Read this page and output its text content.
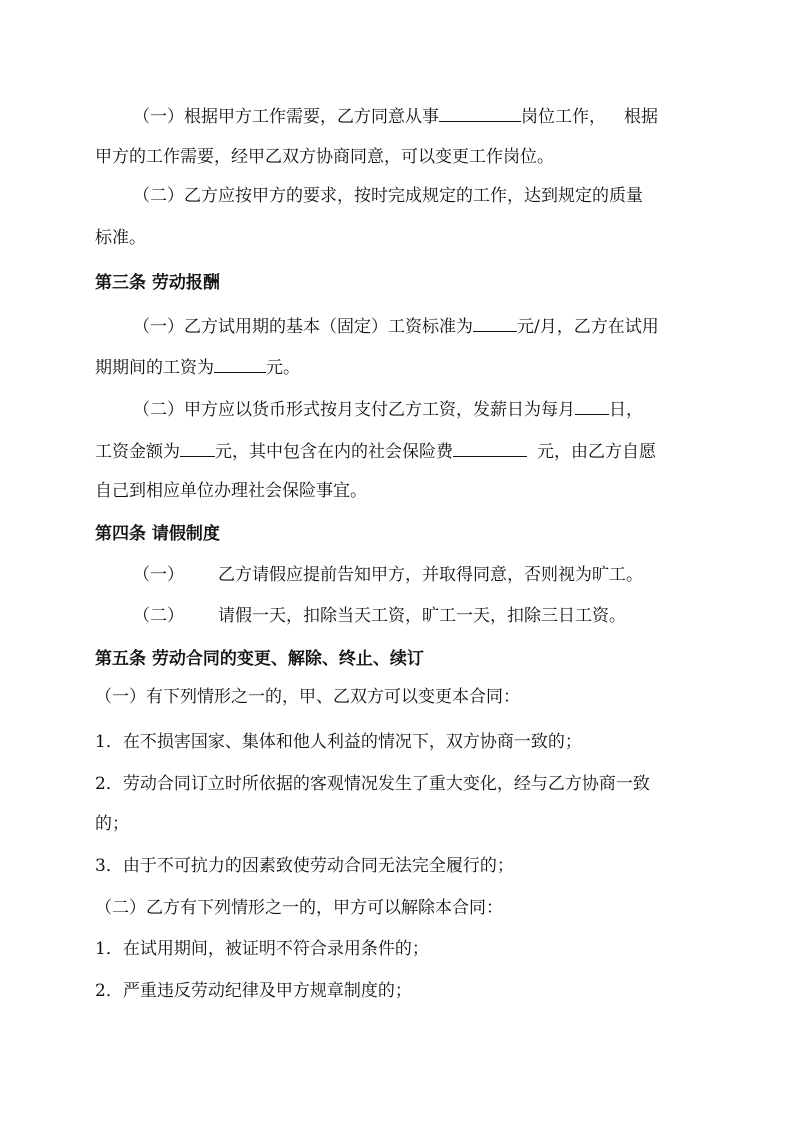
（一）根据甲方工作需要，乙方同意从事	岗位工作， 根据
甲方的工作需要，经甲乙双方协商同意，可以变更工作岗位。
（二）乙方应按甲方的要求，按时完成规定的工作，达到规定的质量
标准。
第三条 劳动报酬
（一）乙方试用期的基本（固定）工资标准为	元/月，乙方在试用
期期间的工资为	元。
（二）甲方应以货币形式按月支付乙方工资，发薪日为每月 日，
工资金额为 元，其中包含在内的社会保险费	元，由乙方自愿
自己到相应单位办理社会保险事宜。
第四条 请假制度
（一） 乙方请假应提前告知甲方，并取得同意，否则视为旷工。
（二） 请假一天，扣除当天工资，旷工一天，扣除三日工资。
第五条 劳动合同的变更、解除、终止、续订
（一）有下列情形之一的，甲、乙双方可以变更本合同：
1．在不损害国家、集体和他人利益的情况下，双方协商一致的；
2．劳动合同订立时所依据的客观情况发生了重大变化，经与乙方协商一致
的；
3．由于不可抗力的因素致使劳动合同无法完全履行的；
（二）乙方有下列情形之一的，甲方可以解除本合同：
1．在试用期间，被证明不符合录用条件的；
2．严重违反劳动纪律及甲方规章制度的；
